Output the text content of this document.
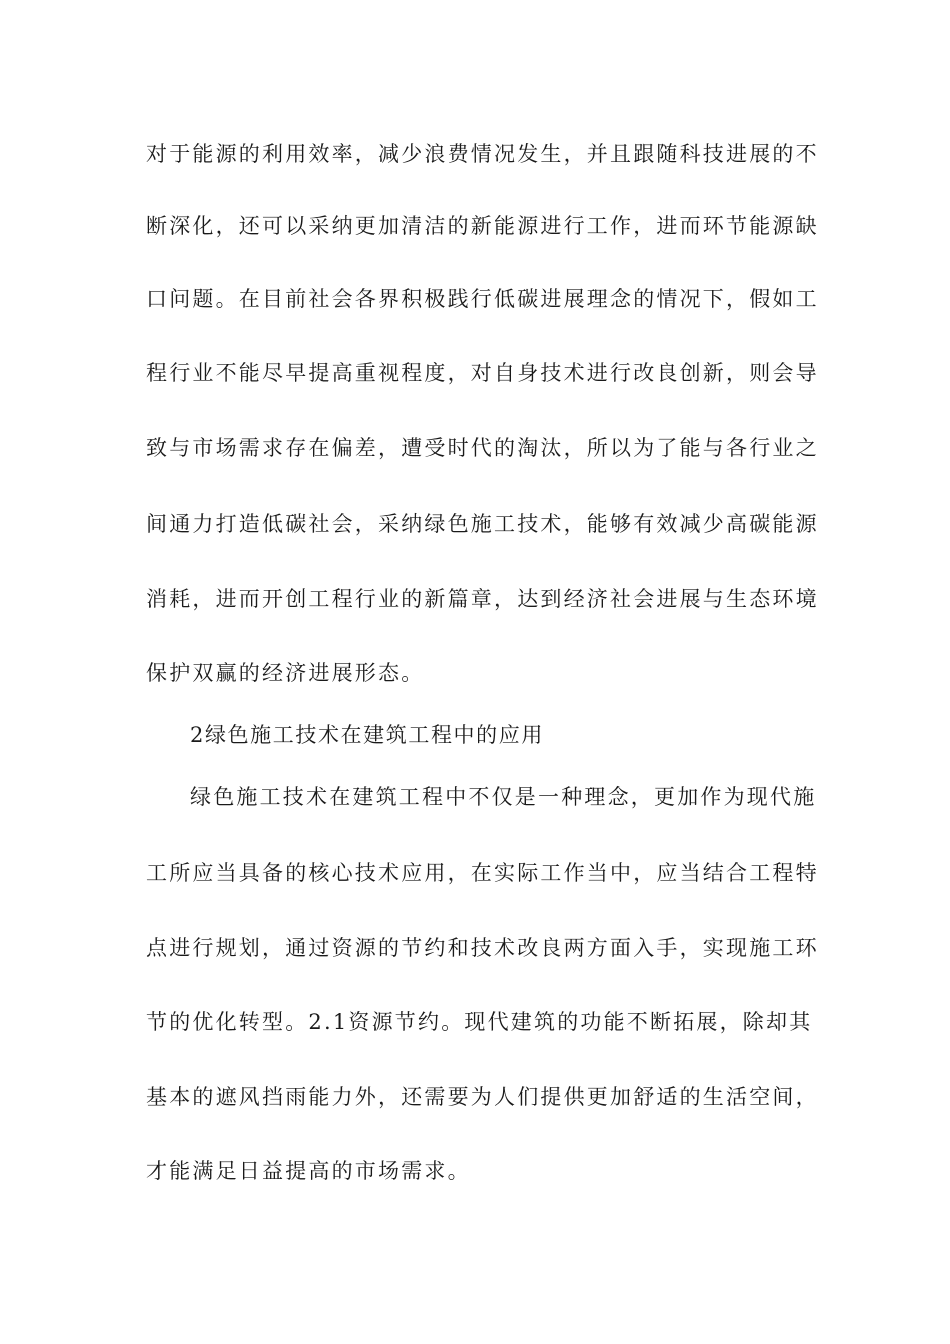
对于能源的利用效率，减少浪费情况发生，并且跟随科技进展的不
断深化，还可以采纳更加清洁的新能源进行工作，进而环节能源缺
口问题。在目前社会各界积极践行低碳进展理念的情况下，假如工
程行业不能尽早提高重视程度，对自身技术进行改良创新，则会导
致与市场需求存在偏差，遭受时代的淘汰，所以为了能与各行业之
间通力打造低碳社会，采纳绿色施工技术，能够有效减少高碳能源
消耗，进而开创工程行业的新篇章，达到经济社会进展与生态环境
保护双赢的经济进展形态。
2绿色施工技术在建筑工程中的应用
绿色施工技术在建筑工程中不仅是一种理念，更加作为现代施
工所应当具备的核心技术应用，在实际工作当中，应当结合工程特
点进行规划，通过资源的节约和技术改良两方面入手，实现施工环
节的优化转型。2.1资源节约。现代建筑的功能不断拓展，除却其
基本的遮风挡雨能力外，还需要为人们提供更加舒适的生活空间，
才能满足日益提高的市场需求。
